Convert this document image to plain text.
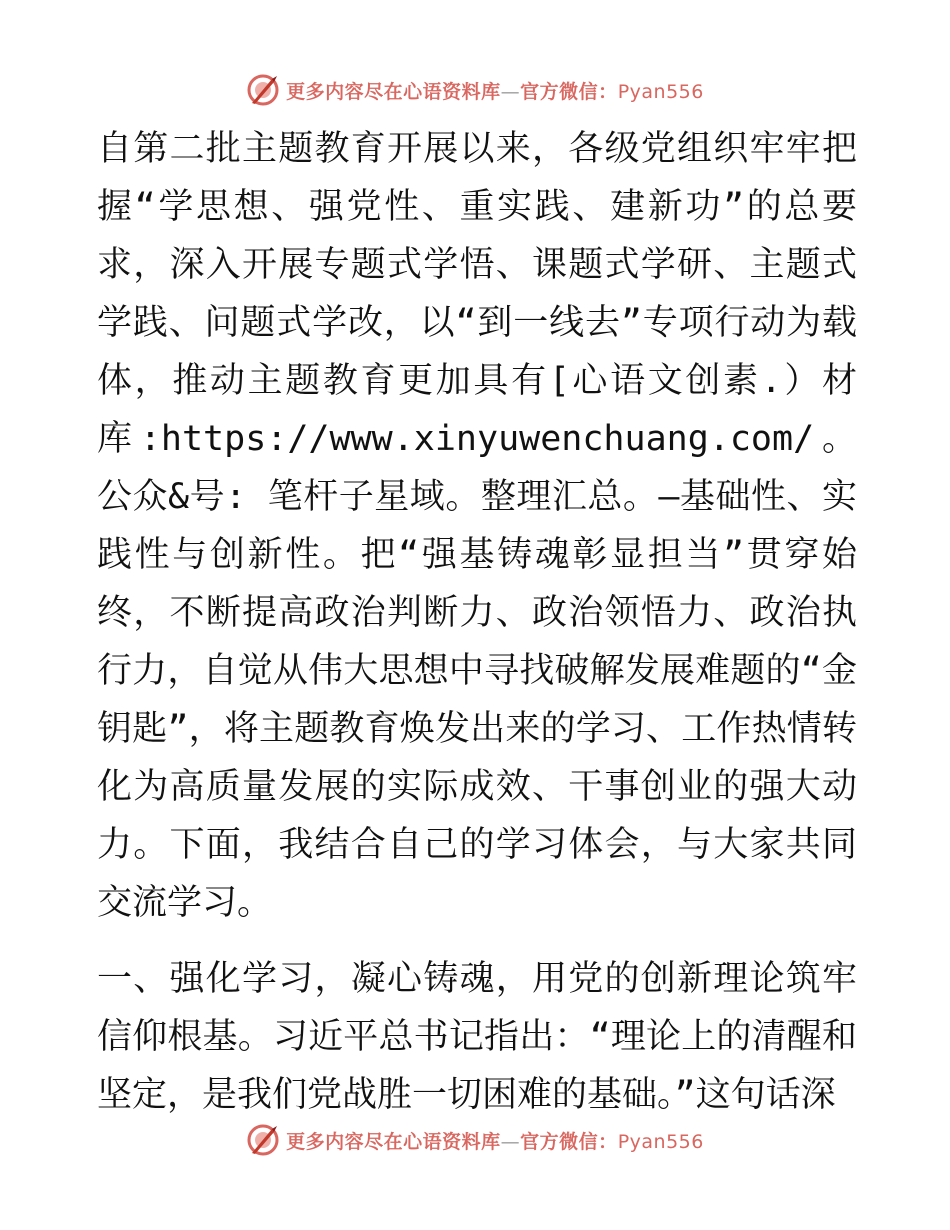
更多内容尽在心语资料库—官方微信：Pyan556

自第二批主题教育开展以来，各级党组织牢牢把握“学思想、强党性、重实践、建新功”的总要求，深入开展专题式学悟、课题式学研、主题式学践、问题式学改，以“到一线去”专项行动为载体，推动主题教育更加具有[心语文创素.）材库:https://www.xinyuwenchuang.com/。公众&号: 笔杆子星域。整理汇总。—基础性、实践性与创新性。把“强基铸魂彰显担当”贯穿始终，不断提高政治判断力、政治领悟力、政治执行力，自觉从伟大思想中寻找破解发展难题的“金钥匙”，将主题教育焕发出来的学习、工作热情转化为高质量发展的实际成效、干事创业的强大动力。下面，我结合自己的学习体会，与大家共同交流学习。

一、强化学习，凝心铸魂，用党的创新理论筑牢信仰根基。习近平总书记指出：“理论上的清醒和坚定，是我们党战胜一切困难的基础。”这句话深

更多内容尽在心语资料库—官方微信：Pyan556
